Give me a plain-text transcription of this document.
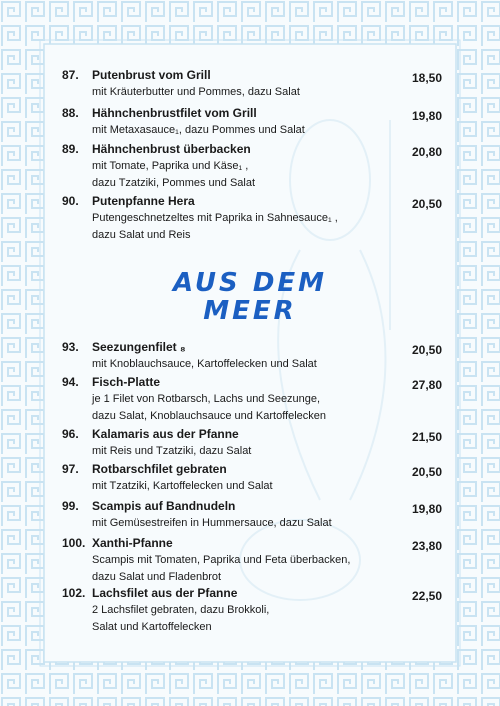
87.	Putenbrust vom Grill
mit Kräuterbutter und Pommes, dazu Salat
18,50
88.	Hähnchenbrustfilet vom Grill
mit Metaxasauce₁, dazu Pommes und Salat
19,80
89.	Hähnchenbrust überbacken
mit Tomate, Paprika und Käse₁ ,
dazu Tzatziki, Pommes und Salat
20,80
90.	Putenpfanne Hera
Putengeschnetzeltes mit Paprika in Sahnesauce₁ ,
dazu Salat und Reis
20,50
AUS DEM
MEER
93.	Seezungenfilet ₈
mit Knoblauchsauce, Kartoffelecken und Salat
20,50
94.	Fisch-Platte
je 1 Filet von Rotbarsch, Lachs und Seezunge,
dazu Salat, Knoblauchsauce und Kartoffelecken
27,80
96.	Kalamaris aus der Pfanne
mit Reis und Tzatziki, dazu Salat
21,50
97.	Rotbarschfilet gebraten
mit Tzatziki, Kartoffelecken und Salat
20,50
99.	Scampis auf Bandnudeln
mit Gemüsestreifen in Hummersauce, dazu Salat
19,80
100. Xanthi-Pfanne
Scampis mit Tomaten, Paprika und Feta überbacken,
dazu Salat und Fladenbrot
23,80
102. Lachsfilet aus der Pfanne
2 Lachsfilet gebraten, dazu Brokkoli,
Salat und Kartoffelecken
22,50
